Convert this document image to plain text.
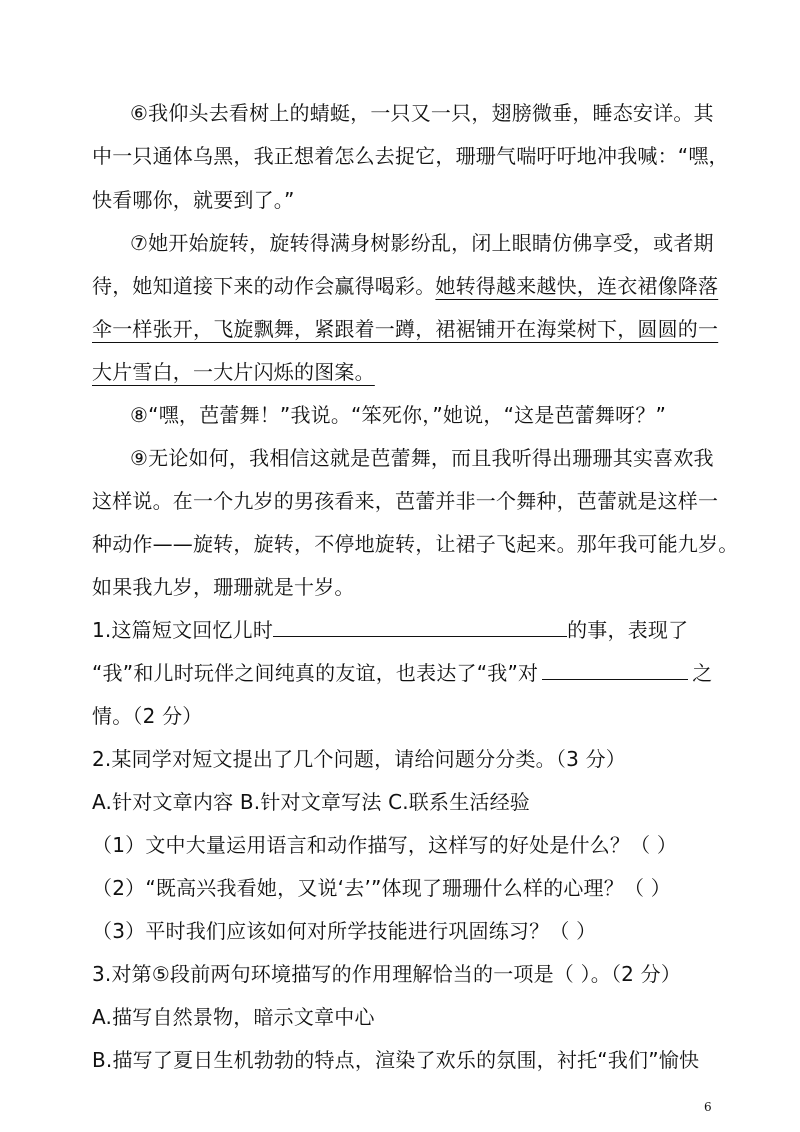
⑥我仰头去看树上的蜻蜓，一只又一只，翅膀微垂，睡态安详。其
中一只通体乌黑，我正想着怎么去捉它，珊珊气喘吁吁地冲我喊：“嘿，
快看哪你，就要到了。”
⑦她开始旋转，旋转得满身树影纷乱，闭上眼睛仿佛享受，或者期
待，她知道接下来的动作会赢得喝彩。她转得越来越快，连衣裙像降落
伞一样张开，飞旋飘舞，紧跟着一蹲，裙裾铺开在海棠树下，圆圆的一
大片雪白，一大片闪烁的图案。
⑧“嘿，芭蕾舞！”我说。“笨死你，”她说，“这是芭蕾舞呀？”
⑨无论如何，我相信这就是芭蕾舞，而且我听得出珊珊其实喜欢我
这样说。在一个九岁的男孩看来，芭蕾并非一个舞种，芭蕾就是这样一
种动作——旋转，旋转，不停地旋转，让裙子飞起来。那年我可能九岁。
如果我九岁，珊珊就是十岁。
1.这篇短文回忆儿时	的事，表现了
“我”和儿时玩伴之间纯真的友谊，也表达了“我”对	之
情。（2 分）
2.某同学对短文提出了几个问题，请给问题分分类。（3 分）
A.针对文章内容 B.针对文章写法 C.联系生活经验
（1）文中大量运用语言和动作描写，这样写的好处是什么？（ ）
（2）“既高兴我看她，又说‘去’”体现了珊珊什么样的心理？（ ）
（3）平时我们应该如何对所学技能进行巩固练习？（ ）
3.对第⑤段前两句环境描写的作用理解恰当的一项是（ ）。（2 分）
A.描写自然景物，暗示文章中心
B.描写了夏日生机勃勃的特点，渲染了欢乐的氛围，衬托“我们”愉快
6
